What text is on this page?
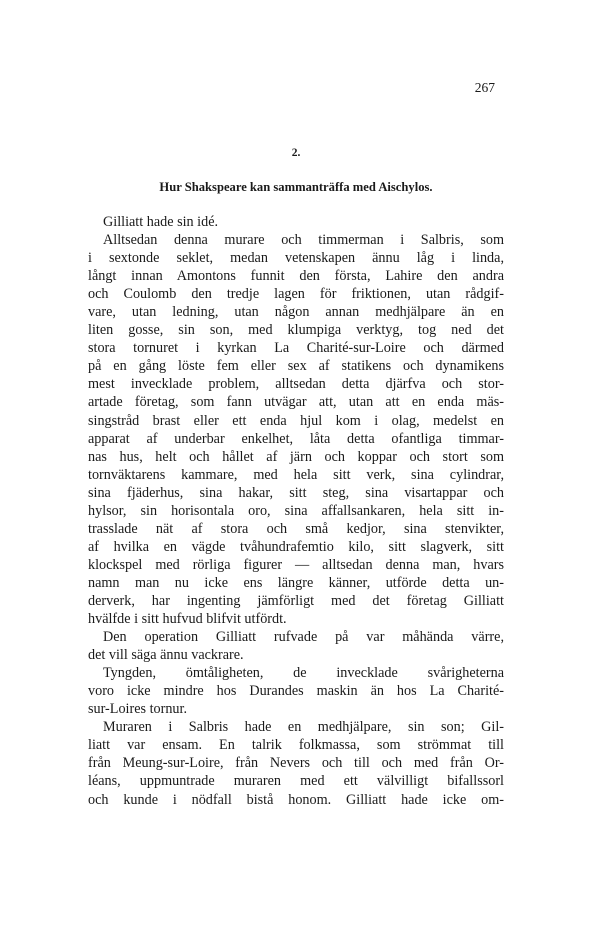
267
2.
Hur Shakspeare kan sammanträffa med Aischylos.
Gilliatt hade sin idé.
Alltsedan denna murare och timmerman i Salbris, som
i sextonde seklet, medan vetenskapen ännu låg i linda,
långt innan Amontons funnit den första, Lahire den andra
och Coulomb den tredje lagen för friktionen, utan rådgif-
vare, utan ledning, utan någon annan medhjälpare än en
liten gosse, sin son, med klumpiga verktyg, tog ned det
stora tornuret i kyrkan La Charité-sur-Loire och därmed
på en gång löste fem eller sex af statikens och dynamikens
mest invecklade problem, alltsedan detta djärfva och stor-
artade företag, som fann utvägar att, utan att en enda mäs-
singstråd brast eller ett enda hjul kom i olag, medelst en
apparat af underbar enkelhet, låta detta ofantliga timmar-
nas hus, helt och hållet af järn och koppar och stort som
tornväktarens kammare, med hela sitt verk, sina cylindrar,
sina fjäderhus, sina hakar, sitt steg, sina visartappar och
hylsor, sin horisontala oro, sina affallsankaren, hela sitt in-
trasslade nät af stora och små kedjor, sina stenvikter,
af hvilka en vägde tvåhundrafemtio kilo, sitt slagverk, sitt
klockspel med rörliga figurer — alltsedan denna man, hvars
namn man nu icke ens längre känner, utförde detta un-
derverk, har ingenting jämförligt med det företag Gilliatt
hvälfde i sitt hufvud blifvit utfördt.
Den operation Gilliatt rufvade på var måhända värre,
det vill säga ännu vackrare.
Tyngden, ömtåligheten, de invecklade svårigheterna
voro icke mindre hos Durandes maskin än hos La Charité-
sur-Loires tornur.
Muraren i Salbris hade en medhjälpare, sin son; Gil-
liatt var ensam. En talrik folkmassa, som strömmat till
från Meung-sur-Loire, från Nevers och till och med från Or-
léans, uppmuntrade muraren med ett välvilligt bifallssorl
och kunde i nödfall bistå honom. Gilliatt hade icke om-
